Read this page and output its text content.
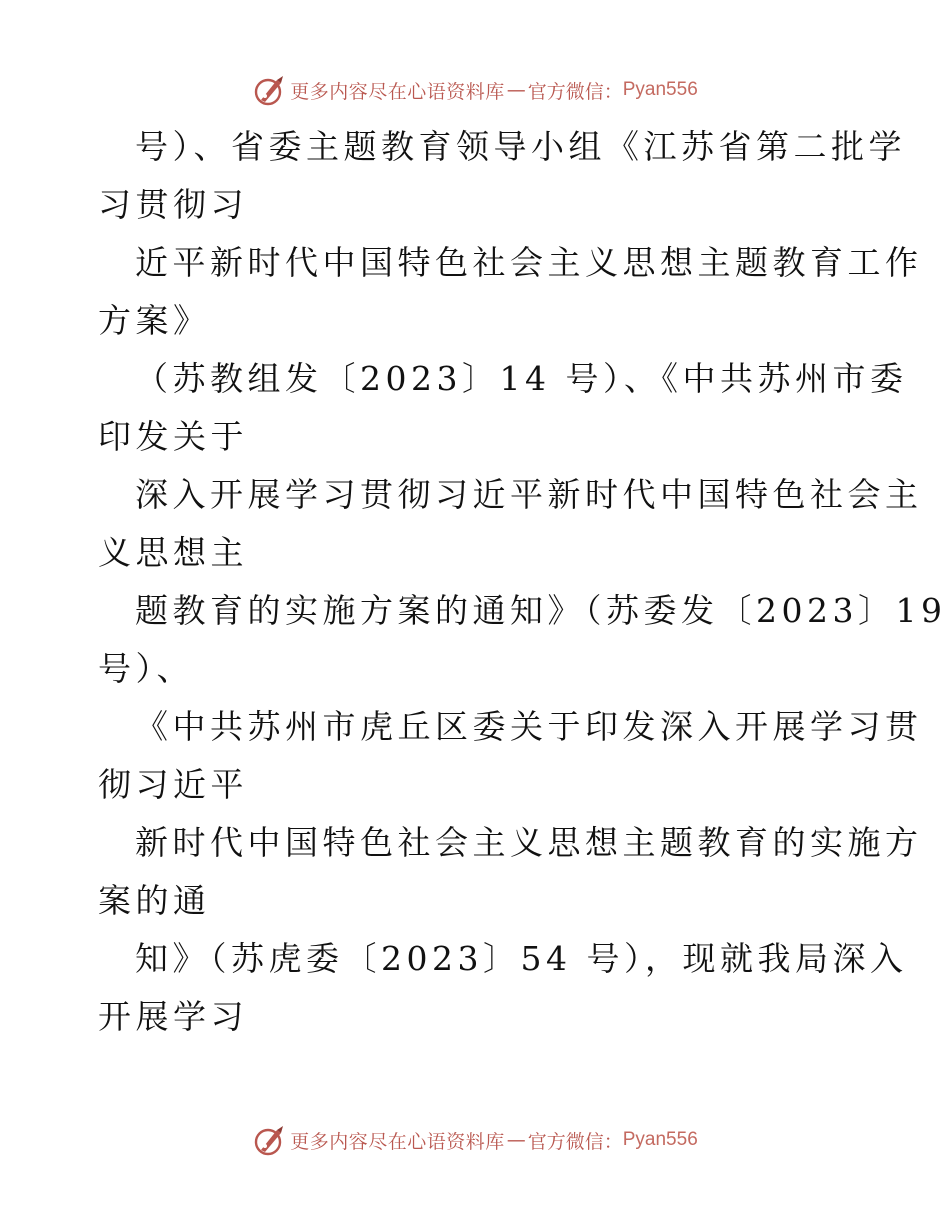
更多内容尽在心语资料库 — 官方微信： Pyan556
号）、省委主题教育领导小组《江苏省第二批学
习贯彻习
近平新时代中国特色社会主义思想主题教育工作
方案》
（苏教组发〔2023〕14 号）、《中共苏州市委
印发关于
深入开展学习贯彻习近平新时代中国特色社会主
义思想主
题教育的实施方案的通知》（苏委发〔2023〕19
号）、
《中共苏州市虎丘区委关于印发深入开展学习贯
彻习近平
新时代中国特色社会主义思想主题教育的实施方
案的通
知》（苏虎委〔2023〕54 号），现就我局深入
开展学习
更多内容尽在心语资料库 — 官方微信： Pyan556
